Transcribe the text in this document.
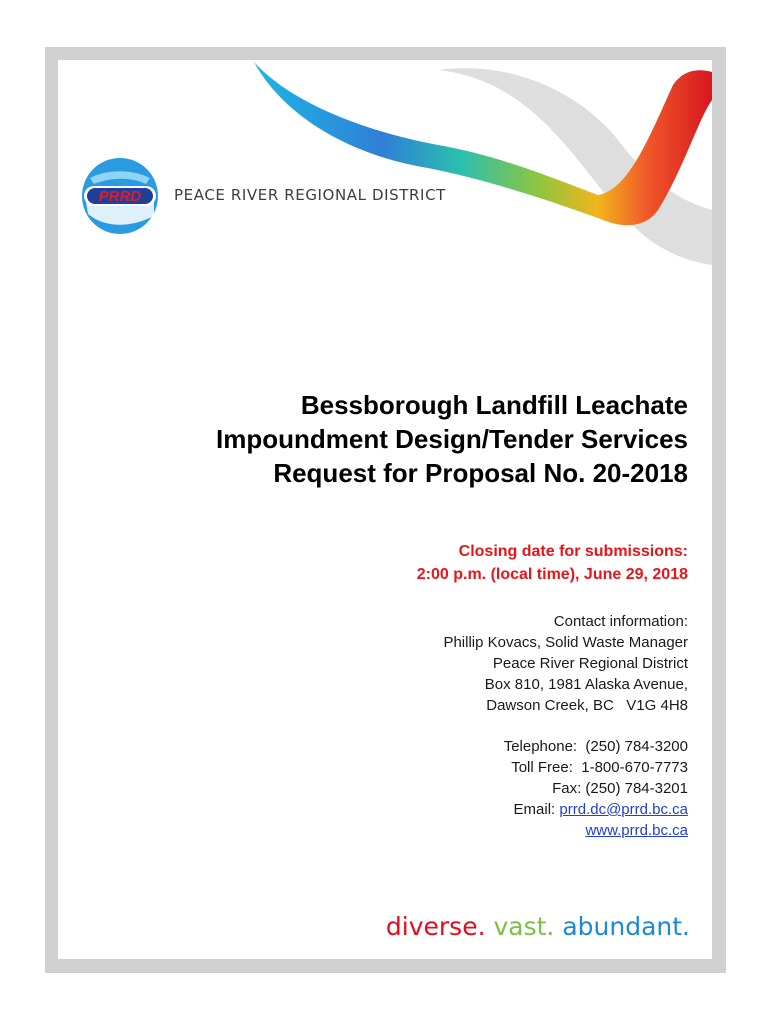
PRRD PEACE RIVER REGIONAL DISTRICT
Bessborough Landfill Leachate
Impoundment Design/Tender Services
Request for Proposal No. 20-2018
Closing date for submissions:
2:00 p.m. (local time), June 29, 2018
Contact information:
Phillip Kovacs, Solid Waste Manager
Peace River Regional District
Box 810, 1981 Alaska Avenue,
Dawson Creek, BC   V1G 4H8
Telephone:  (250) 784-3200
Toll Free:  1-800-670-7773
Fax: (250) 784-3201
Email: prrd.dc@prrd.bc.ca
www.prrd.bc.ca
diverse. vast. abundant.
